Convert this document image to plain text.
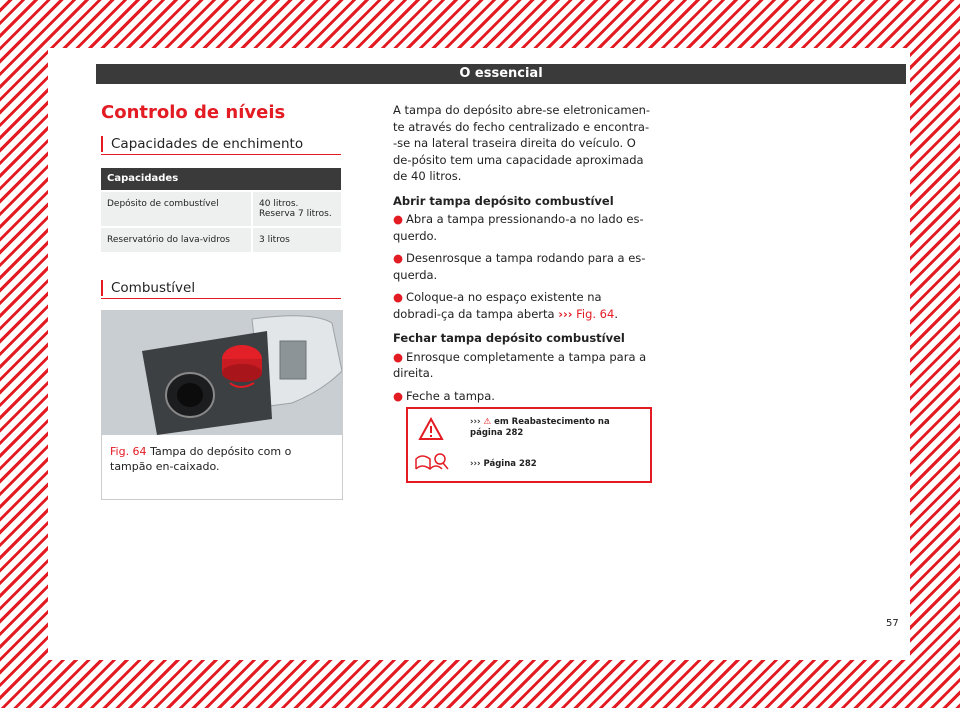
O essencial
Controlo de níveis
Capacidades de enchimento
Capacidades
Depósito de combustível	40 litros. Reserva 7 litros.
Reservatório do lava-vidros	3 litros
Combustível
Fig. 64 Tampa do depósito com o tampão en-caixado.

A tampa do depósito abre-se eletronicamen-te através do fecho centralizado e encontra--se na lateral traseira direita do veículo. O de-pósito tem uma capacidade aproximada de 40 litros.

Abrir tampa depósito combustível

● Abra a tampa pressionando-a no lado es-querdo.

● Desenrosque a tampa rodando para a es-querda.

● Coloque-a no espaço existente na dobradi-ça da tampa aberta ››› Fig. 64.

Fechar tampa depósito combustível

● Enrosque completamente a tampa para a direita.

● Feche a tampa.

››› ⚠ em Reabastecimento na página 282
››› Página 282
57
